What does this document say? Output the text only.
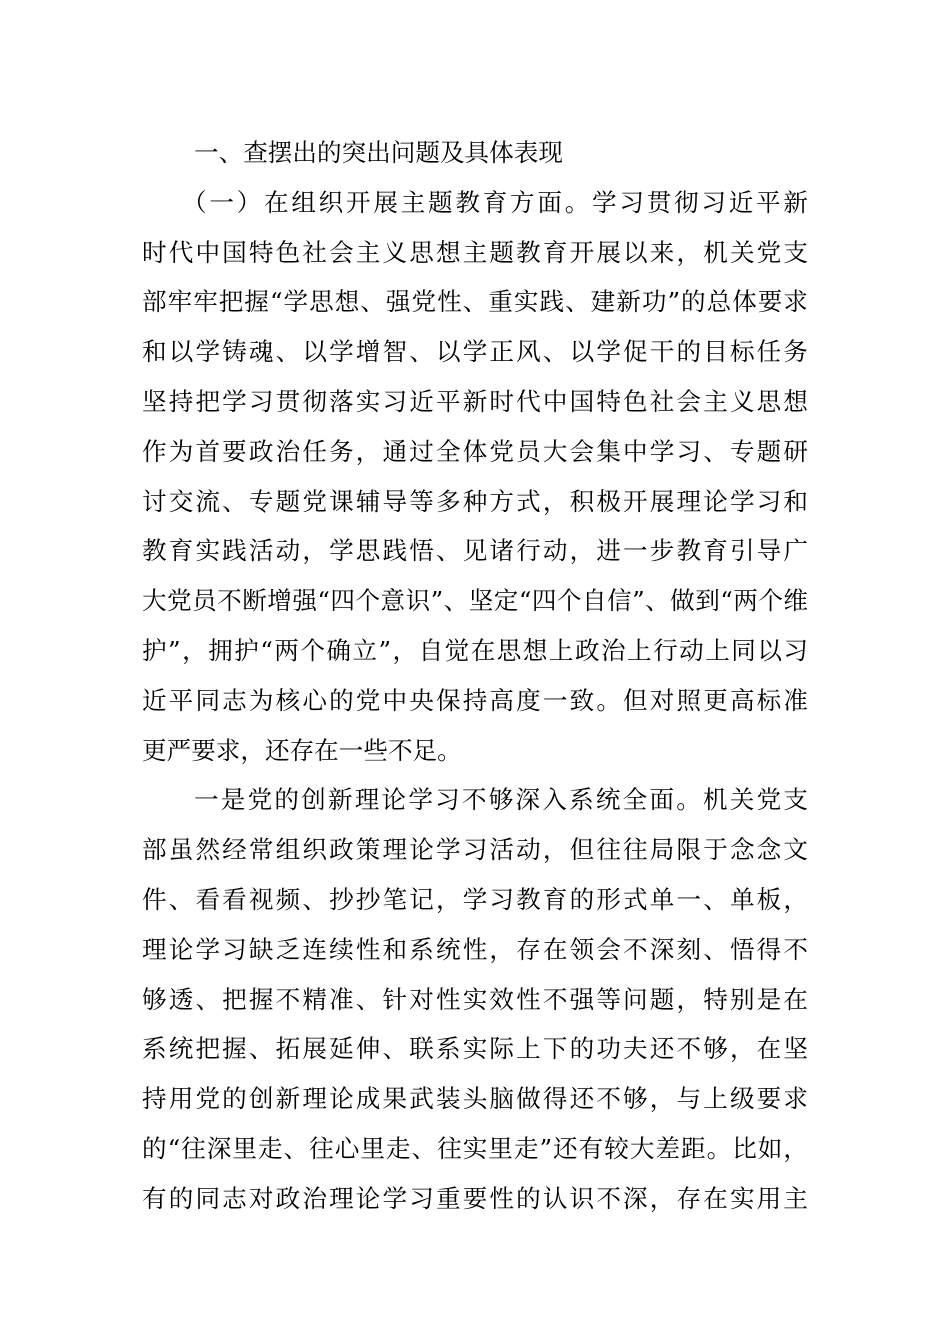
一、查摆出的突出问题及具体表现
（一）在组织开展主题教育方面。学习贯彻习近平新
时代中国特色社会主义思想主题教育开展以来，机关党支
部牢牢把握“学思想、强党性、重实践、建新功”的总体要求
和以学铸魂、以学增智、以学正风、以学促干的目标任务
坚持把学习贯彻落实习近平新时代中国特色社会主义思想
作为首要政治任务，通过全体党员大会集中学习、专题研
讨交流、专题党课辅导等多种方式，积极开展理论学习和
教育实践活动，学思践悟、见诸行动，进一步教育引导广
大党员不断增强“四个意识”、坚定“四个自信”、做到“两个维
护”，拥护“两个确立”，自觉在思想上政治上行动上同以习
近平同志为核心的党中央保持高度一致。但对照更高标准
更严要求，还存在一些不足。
一是党的创新理论学习不够深入系统全面。机关党支
部虽然经常组织政策理论学习活动，但往往局限于念念文
件、看看视频、抄抄笔记，学习教育的形式单一、单板，
理论学习缺乏连续性和系统性，存在领会不深刻、悟得不
够透、把握不精准、针对性实效性不强等问题，特别是在
系统把握、拓展延伸、联系实际上下的功夫还不够，在坚
持用党的创新理论成果武装头脑做得还不够，与上级要求
的“往深里走、往心里走、往实里走”还有较大差距。比如，
有的同志对政治理论学习重要性的认识不深，存在实用主
